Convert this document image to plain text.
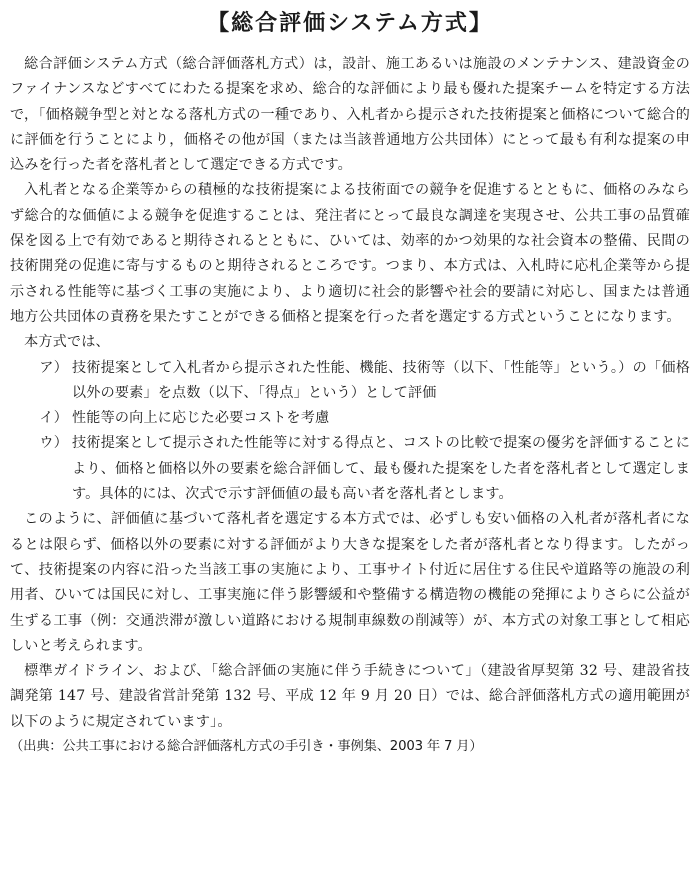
【総合評価システム方式】

総合評価システム方式（総合評価落札方式）は，設計、施工あるいは施設のメンテナンス、建設資金のファイナンスなどすべてにわたる提案を求め、総合的な評価により最も優れた提案チームを特定する方法で，「価格競争型と対となる落札方式の一種であり、入札者から提示された技術提案と価格について総合的に評価を行うことにより，価格その他が国（または当該普通地方公共団体）にとって最も有利な提案の申込みを行った者を落札者として選定できる方式です。

入札者となる企業等からの積極的な技術提案による技術面での競争を促進するとともに、価格のみならず総合的な価値による競争を促進することは、発注者にとって最良な調達を実現させ、公共工事の品質確保を図る上で有効であると期待されるとともに、ひいては、効率的かつ効果的な社会資本の整備、民間の技術開発の促進に寄与するものと期待されるところです。つまり、本方式は、入札時に応札企業等から提示される性能等に基づく工事の実施により、より適切に社会的影響や社会的要請に対応し、国または普通地方公共団体の責務を果たすことができる価格と提案を行った者を選定する方式ということになります。

本方式では、

ア） 技術提案として入札者から提示された性能、機能、技術等（以下、「性能等」という。）の「価格以外の要素」を点数（以下、「得点」という）として評価
イ） 性能等の向上に応じた必要コストを考慮
ウ） 技術提案として提示された性能等に対する得点と、コストの比較で提案の優劣を評価することにより、価格と価格以外の要素を総合評価して、最も優れた提案をした者を落札者として選定します。具体的には、次式で示す評価値の最も高い者を落札者とします。

このように、評価値に基づいて落札者を選定する本方式では、必ずしも安い価格の入札者が落札者になるとは限らず、価格以外の要素に対する評価がより大きな提案をした者が落札者となり得ます。したがって、技術提案の内容に沿った当該工事の実施により、工事サイト付近に居住する住民や道路等の施設の利用者、ひいては国民に対し、工事実施に伴う影響緩和や整備する構造物の機能の発揮によりさらに公益が生ずる工事（例：交通渋滞が激しい道路における規制車線数の削減等）が、本方式の対象工事として相応しいと考えられます。

標準ガイドライン、および、「総合評価の実施に伴う手続きについて」（建設省厚契第 32 号、建設省技調発第 147 号、建設省営計発第 132 号、平成 12 年 9 月 20 日）では、総合評価落札方式の適用範囲が以下のように規定されています」。

（出典：公共工事における総合評価落札方式の手引き・事例集、2003 年 7 月）
